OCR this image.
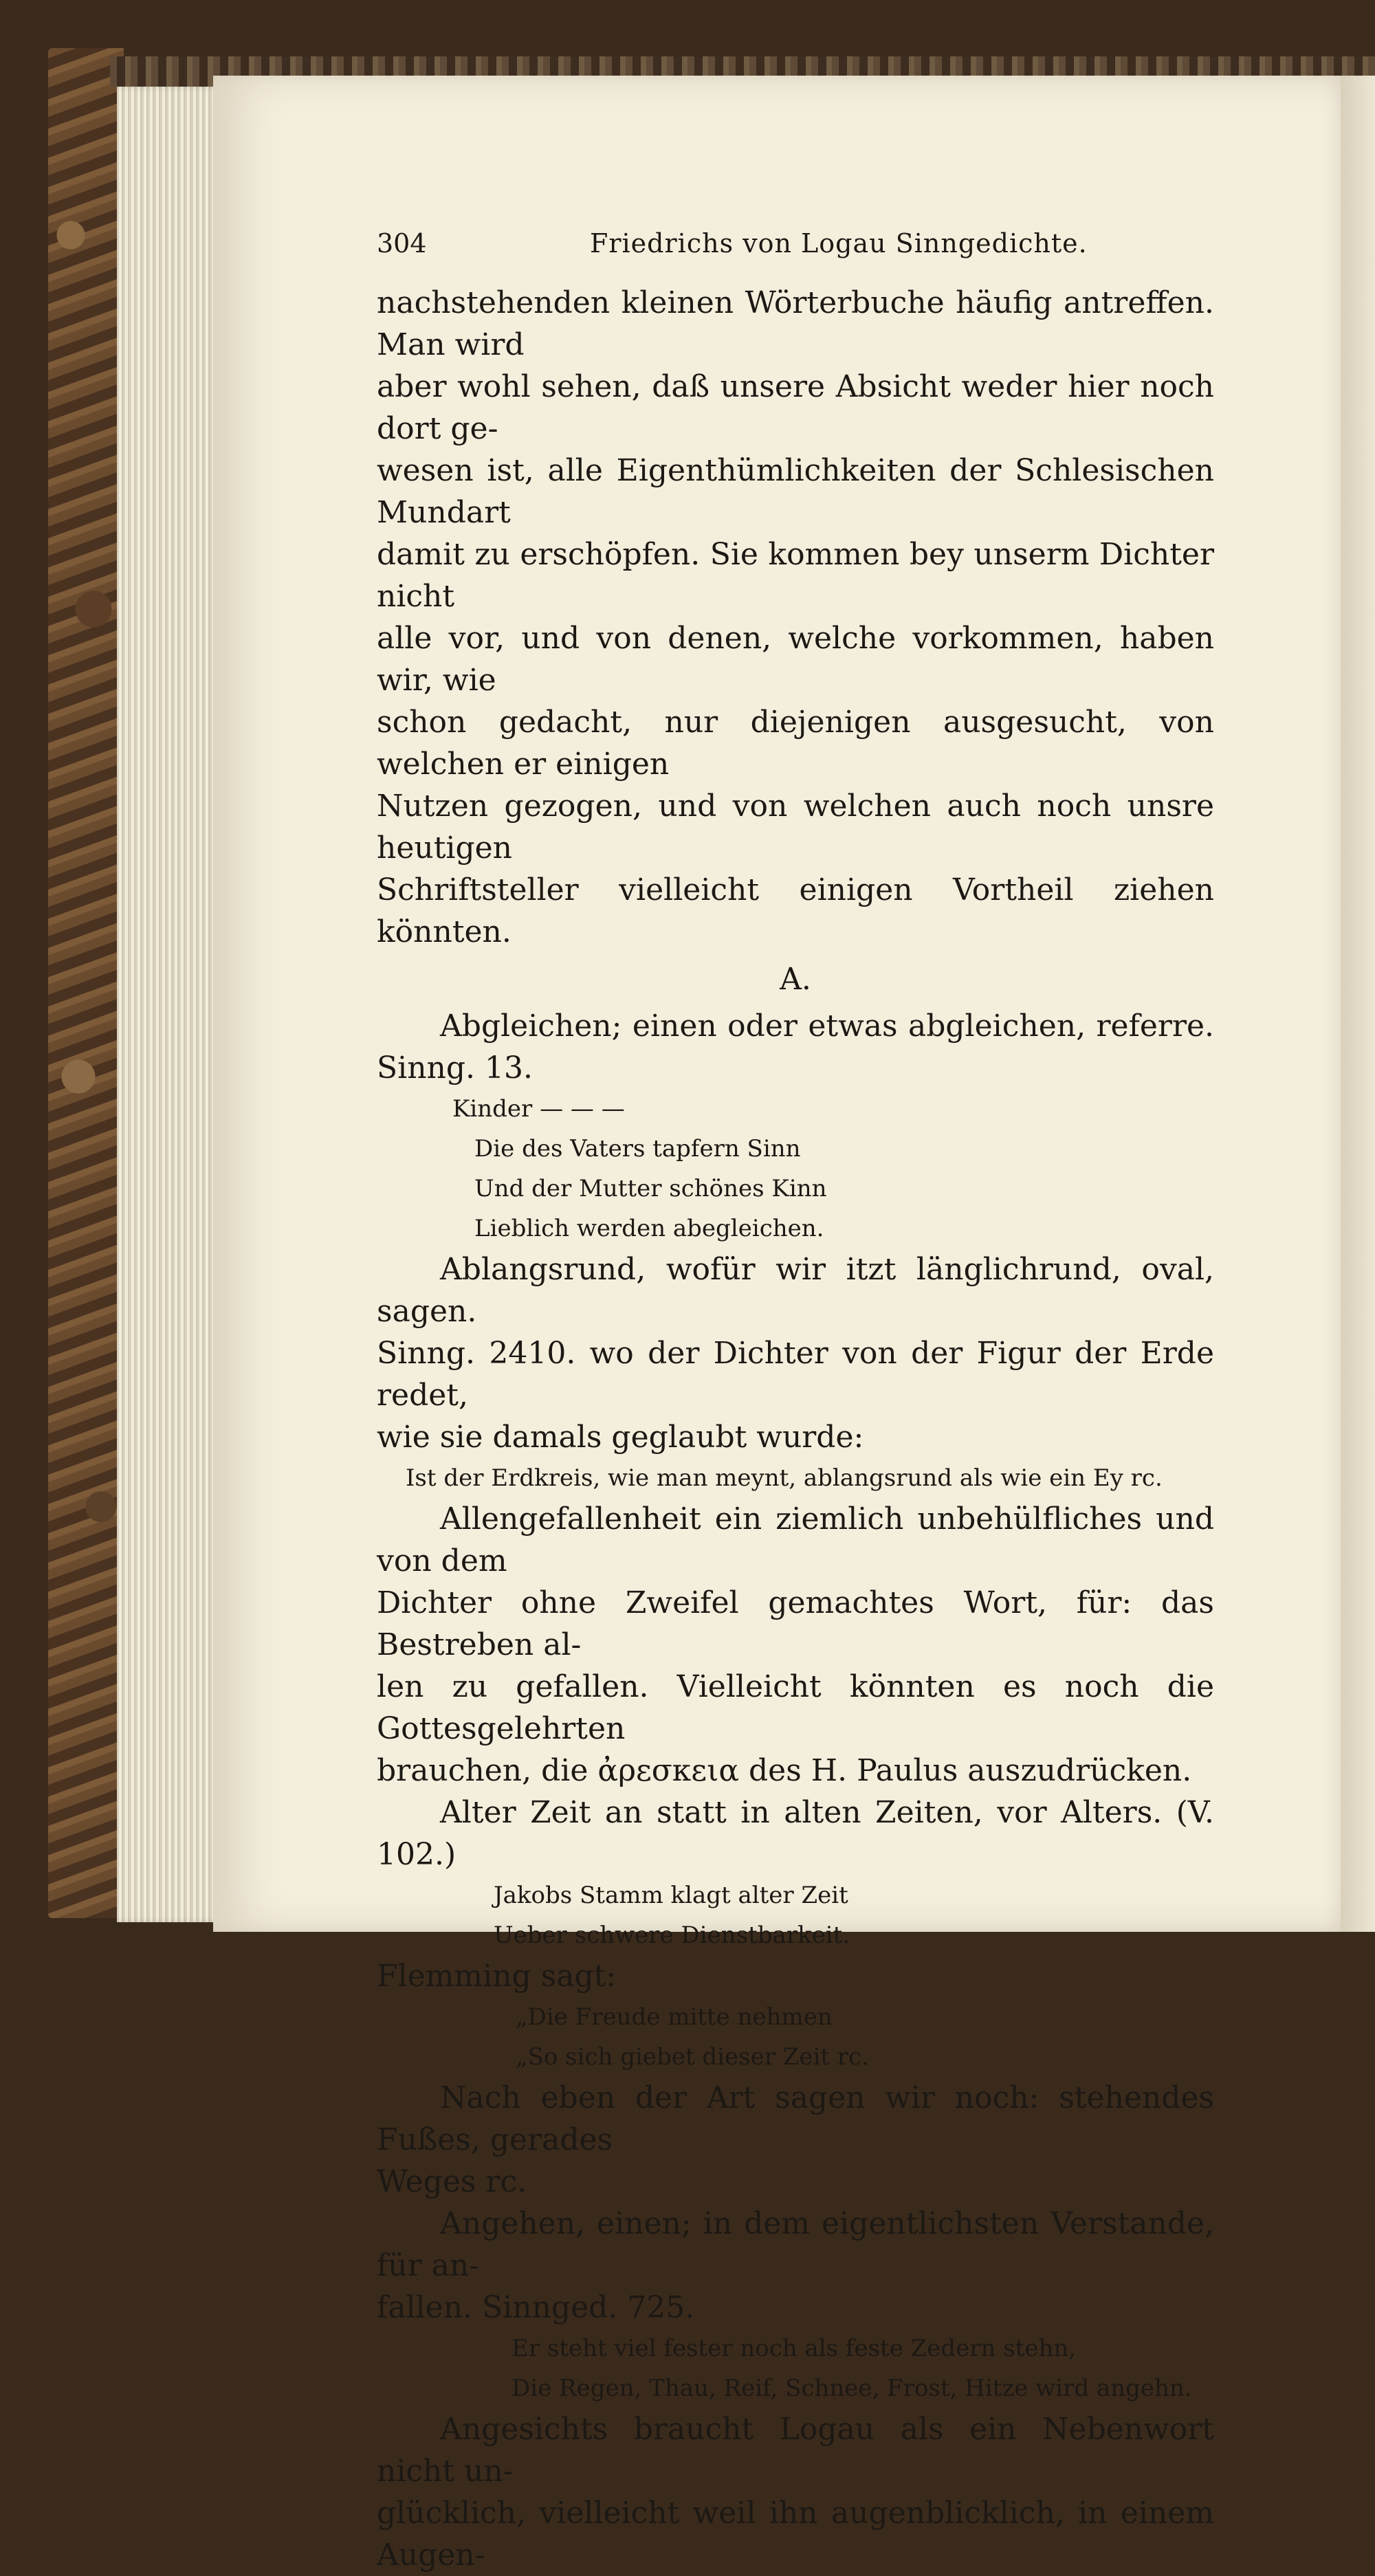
304	Friedrichs von Logau Sinngedichte.

nachstehenden kleinen Wörterbuche häufig antreffen. Man wird

aber wohl sehen, daß unsere Absicht weder hier noch dort ge-

wesen ist, alle Eigenthümlichkeiten der Schlesischen Mundart

damit zu erschöpfen. Sie kommen bey unserm Dichter nicht

alle vor, und von denen, welche vorkommen, haben wir, wie

schon gedacht, nur diejenigen ausgesucht, von welchen er einigen

Nutzen gezogen, und von welchen auch noch unsre heutigen

Schriftsteller vielleicht einigen Vortheil ziehen könnten.

A.

Abgleichen; einen oder etwas abgleichen, referre. Sinng. 13.

Kinder — — —

Die des Vaters tapfern Sinn

Und der Mutter schönes Kinn

Lieblich werden abegleichen.

Ablangsrund, wofür wir itzt länglichrund, oval, sagen.

Sinng. 2410. wo der Dichter von der Figur der Erde redet,

wie sie damals geglaubt wurde:

Ist der Erdkreis, wie man meynt, ablangsrund als wie ein Ey rc.

Allengefallenheit ein ziemlich unbehülfliches und von dem

Dichter ohne Zweifel gemachtes Wort, für: das Bestreben al-

len zu gefallen. Vielleicht könnten es noch die Gottesgelehrten

brauchen, die ἀρεσκεια des H. Paulus auszudrücken.

Alter Zeit an statt in alten Zeiten, vor Alters. (V. 102.)

Jakobs Stamm klagt alter Zeit

Ueber schwere Dienstbarkeit.

Flemming sagt:

„Die Freude mitte nehmen

„So sich giebet dieser Zeit rc.

Nach eben der Art sagen wir noch: stehendes Fußes, gerades

Weges rc.

Angehen, einen; in dem eigentlichsten Verstande, für an-

fallen. Sinnged. 725.

Er steht viel fester noch als feste Zedern stehn,

Die Regen, Thau, Reif, Schnee, Frost, Hitze wird angehn.

Angesichts braucht Logau als ein Nebenwort nicht un-

glücklich, vielleicht weil ihn augenblicklich, in einem Augen-
